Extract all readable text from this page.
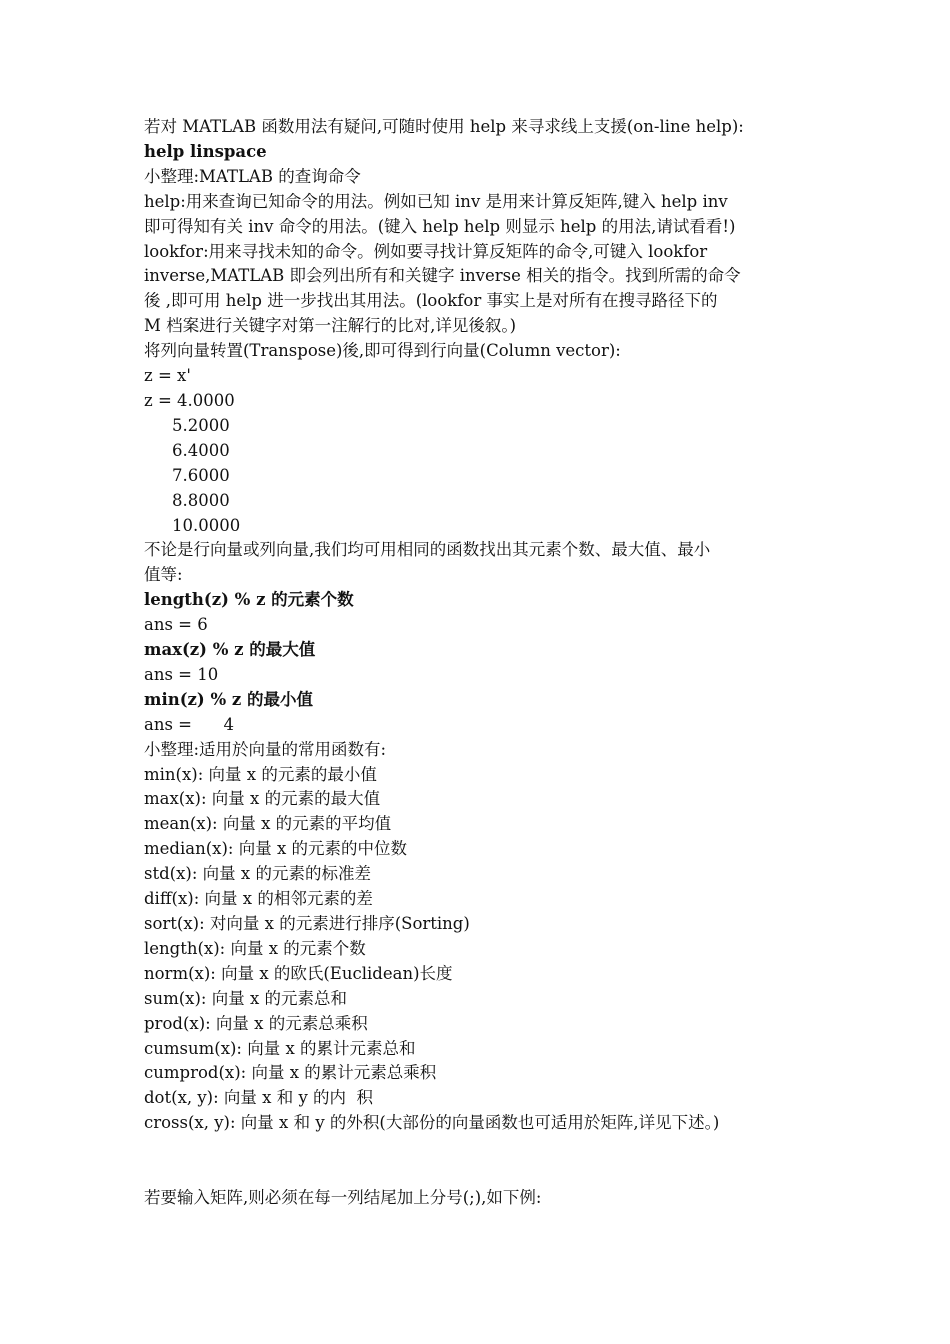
若对 MATLAB 函数用法有疑问,可随时使用 help 来寻求线上支援(on-line help):
help linspace
小整理:MATLAB 的查询命令
help:用来查询已知命令的用法。例如已知 inv 是用来计算反矩阵,键入 help inv
即可得知有关 inv 命令的用法。(键入 help help 则显示 help 的用法,请试看看!)
lookfor:用来寻找未知的命令。例如要寻找计算反矩阵的命令,可键入 lookfor
inverse,MATLAB 即会列出所有和关键字 inverse 相关的指令。找到所需的命令
後 ,即可用 help 进一步找出其用法。(lookfor 事实上是对所有在搜寻路径下的
M 档案进行关键字对第一注解行的比对,详见後叙。)
将列向量转置(Transpose)後,即可得到行向量(Column vector):
z = x'
z = 4.0000
5.2000
6.4000
7.6000
8.8000
10.0000
不论是行向量或列向量,我们均可用相同的函数找出其元素个数、最大值、最小
值等:
length(z) % z 的元素个数
ans = 6
max(z) % z 的最大值
ans = 10
min(z) % z 的最小值
ans =      4
小整理:适用於向量的常用函数有:
min(x): 向量 x 的元素的最小值
max(x): 向量 x 的元素的最大值
mean(x): 向量 x 的元素的平均值
median(x): 向量 x 的元素的中位数
std(x): 向量 x 的元素的标准差
diff(x): 向量 x 的相邻元素的差
sort(x): 对向量 x 的元素进行排序(Sorting)
length(x): 向量 x 的元素个数
norm(x): 向量 x 的欧氏(Euclidean)长度
sum(x): 向量 x 的元素总和
prod(x): 向量 x 的元素总乘积
cumsum(x): 向量 x 的累计元素总和
cumprod(x): 向量 x 的累计元素总乘积
dot(x, y): 向量 x 和 y 的内  积
cross(x, y): 向量 x 和 y 的外积(大部份的向量函数也可适用於矩阵,详见下述。)
若要输入矩阵,则必须在每一列结尾加上分号(;),如下例:
